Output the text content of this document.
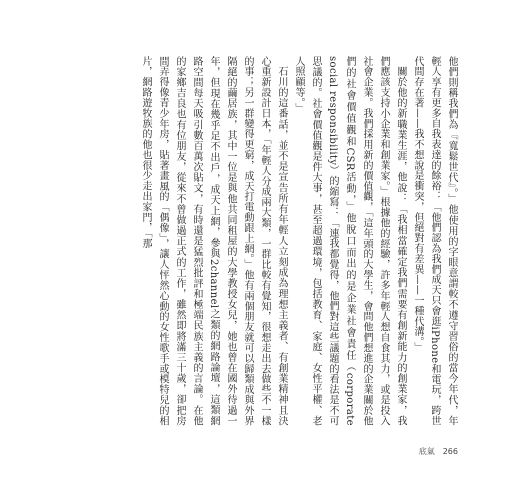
他們則稱我們為『寬鬆世代』。」他使用的字眼意謂較不遵守習俗的當今年代，年輕人享有更多自我表達的餘裕：「他們認為我們成天只會逛iPhone和電玩，跨世代間存在著——我不想說是衝突，但絕對有差異——一種代溝。」

關於他的新職業生涯，他說：「我相當確定我們需要有創新能力的創業家，我們應該支持小企業和創業家。」根據他的經驗，許多年輕人想自食其力，或是投入社會企業。我們採用新的價值觀，「這年頭的大學生，會問他們想進的企業關於他們的社會價值觀和CSR活動，」他脫口而出的是企業社會責任（corporate social responsibility）的縮寫：「連我都覺得，他們對這些議題的看法是不可思議的。社會價值觀是件大事，甚至超過環境，包括教育、家庭、女性平權、老人照顧等。」

石川的這番話，並不是宣告所有年輕人立刻成為理想主義者、有創業精神且決心重新設計日本，「年輕人分成兩大類，一群比較有覺知，很想走出去做些不一樣的事；另一群變得更窮，成天打電動跟上網。」他有兩個朋友就可以歸類成與外界隔絕的繭居族，其中一位是與他共同租屋的大學教授女兒，她也曾在國外待過一年，但現在幾乎足不出戶，成天上網，參與2channel之類的網路論壇，這類網路空間每天吸引數百萬次貼文，有時還是猛烈批評和極端民族主義的言論。在他的家鄉吉良也有位朋友，從來不曾做過正式的工作，雖然即將滿三十歲，卻把房間弄得像青少年房，貼著畫風的「偶像」，讓人怦然心動的女性歌手或模特兒的相片，網路遊牧族的他也很少走出家門，「那

底氣 266
